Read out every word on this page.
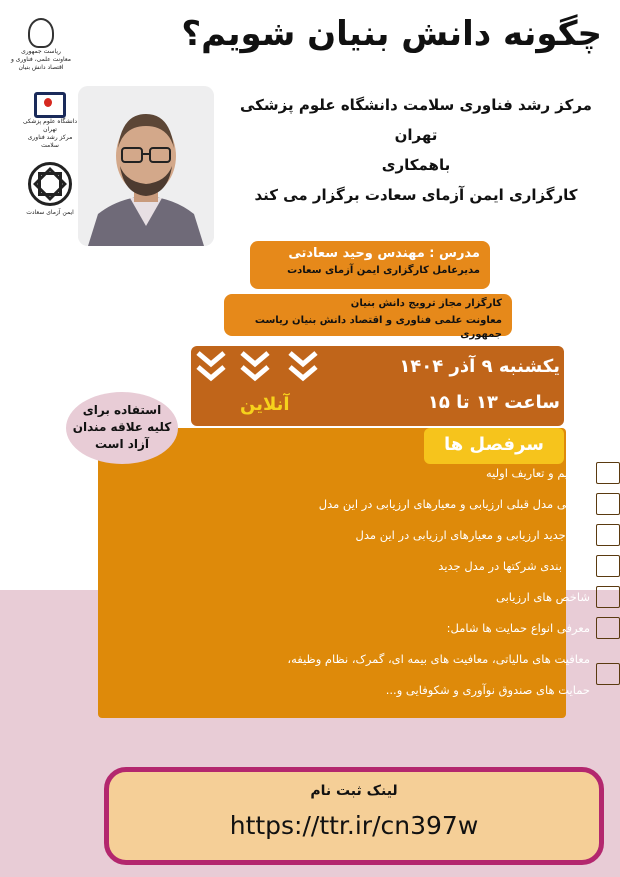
ریاست جمهوری
معاونت علمی، فناوری و اقتصاد دانش بنیان
دانشگاه علوم پزشکی تهران
مرکز رشد فناوری سلامت
ایمن آزمای سعادت
چگونه دانش بنیان شویم؟
مرکز رشد فناوری سلامت دانشگاه علوم پزشکی تهران
باهمکاری
کارگزاری ایمن آزمای سعادت برگزار می کند
مدرس : مهندس وحید سعادتی
مدیرعامل کارگزاری ایمن آزمای سعادت
کارگزار مجاز ترویج دانش بنیان
معاونت علمی فناوری و اقتصاد دانش بنیان ریاست جمهوری
یکشنبه ۹ آذر ۱۴۰۴
ساعت ۱۳ تا ۱۵
آنلاین
استفاده برای
کلیه علاقه مندان
آزاد است	سرفصل ها
مفاهیم و تعاریف اولیه
معرفی مدل قبلی ارزیابی و معیارهای ارزیابی در این مدل
مدل جدید ارزیابی و معیارهای ارزیابی در این مدل
دسته بندی شرکتها در مدل جدید
شاخص های ارزیابی
معرفی انواع حمایت ها شامل:
معافیت های مالیاتی، معافیت های بیمه ای، گمرک، نظام وظیفه،
حمایت های صندوق نوآوری و شکوفایی و...
لینک ثبت نام
https://ttr.ir/cn397w
